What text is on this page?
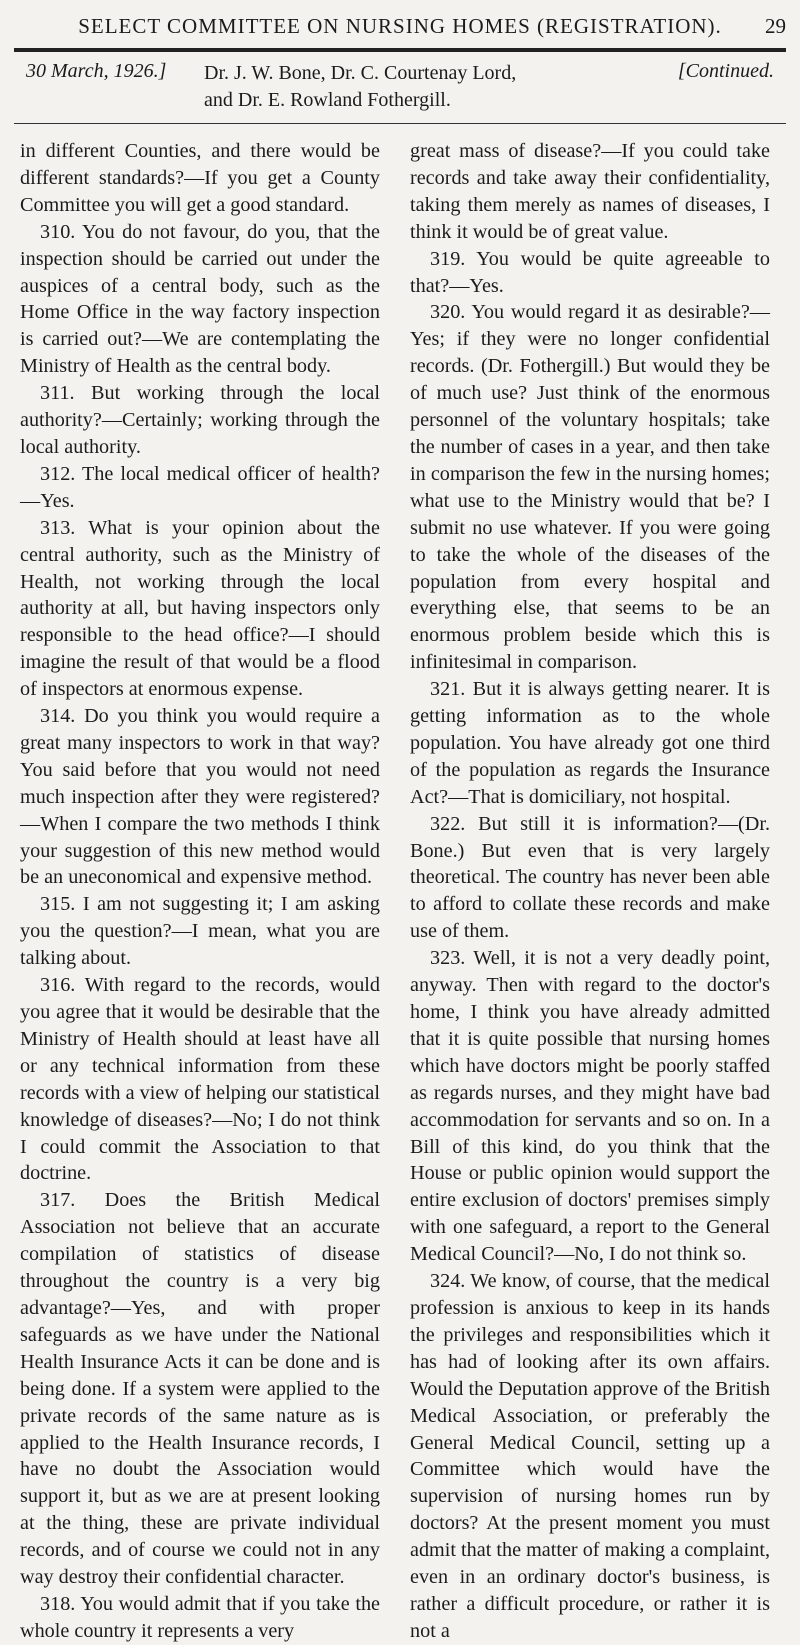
SELECT COMMITTEE ON NURSING HOMES (REGISTRATION).	29
30 March, 1926.] Dr. J. W. Bone, Dr. C. Courtenay Lord,
and Dr. E. Rowland Fothergill.
[Continued.

in different Counties, and there would be different standards?—If you get a County Committee you will get a good standard.

310. You do not favour, do you, that the inspection should be carried out under the auspices of a central body, such as the Home Office in the way factory inspection is carried out?—We are contemplating the Ministry of Health as the central body.

311. But working through the local authority?—Certainly; working through the local authority.

312. The local medical officer of health?—Yes.

313. What is your opinion about the central authority, such as the Ministry of Health, not working through the local authority at all, but having inspectors only responsible to the head office?—I should imagine the result of that would be a flood of inspectors at enormous expense.

314. Do you think you would require a great many inspectors to work in that way? You said before that you would not need much inspection after they were registered?—When I compare the two methods I think your suggestion of this new method would be an uneconomical and expensive method.

315. I am not suggesting it; I am asking you the question?—I mean, what you are talking about.

316. With regard to the records, would you agree that it would be desirable that the Ministry of Health should at least have all or any technical information from these records with a view of helping our statistical knowledge of diseases?—No; I do not think I could commit the Association to that doctrine.

317. Does the British Medical Association not believe that an accurate compilation of statistics of disease throughout the country is a very big advantage?—Yes, and with proper safeguards as we have under the National Health Insurance Acts it can be done and is being done. If a system were applied to the private records of the same nature as is applied to the Health Insurance records, I have no doubt the Association would support it, but as we are at present looking at the thing, these are private individual records, and of course we could not in any way destroy their confidential character.

318. You would admit that if you take the whole country it represents a very

great mass of disease?—If you could take records and take away their confidentiality, taking them merely as names of diseases, I think it would be of great value.

319. You would be quite agreeable to that?—Yes.

320. You would regard it as desirable?—Yes; if they were no longer confidential records. (Dr. Fothergill.) But would they be of much use? Just think of the enormous personnel of the voluntary hospitals; take the number of cases in a year, and then take in comparison the few in the nursing homes; what use to the Ministry would that be? I submit no use whatever. If you were going to take the whole of the diseases of the population from every hospital and everything else, that seems to be an enormous problem beside which this is infinitesimal in comparison.

321. But it is always getting nearer. It is getting information as to the whole population. You have already got one third of the population as regards the Insurance Act?—That is domiciliary, not hospital.

322. But still it is information?—(Dr. Bone.) But even that is very largely theoretical. The country has never been able to afford to collate these records and make use of them.

323. Well, it is not a very deadly point, anyway. Then with regard to the doctor's home, I think you have already admitted that it is quite possible that nursing homes which have doctors might be poorly staffed as regards nurses, and they might have bad accommodation for servants and so on. In a Bill of this kind, do you think that the House or public opinion would support the entire exclusion of doctors' premises simply with one safeguard, a report to the General Medical Council?—No, I do not think so.

324. We know, of course, that the medical profession is anxious to keep in its hands the privileges and responsibilities which it has had of looking after its own affairs. Would the Deputation approve of the British Medical Association, or preferably the General Medical Council, setting up a Committee which would have the supervision of nursing homes run by doctors? At the present moment you must admit that the matter of making a complaint, even in an ordinary doctor's business, is rather a difficult procedure, or rather it is not a
